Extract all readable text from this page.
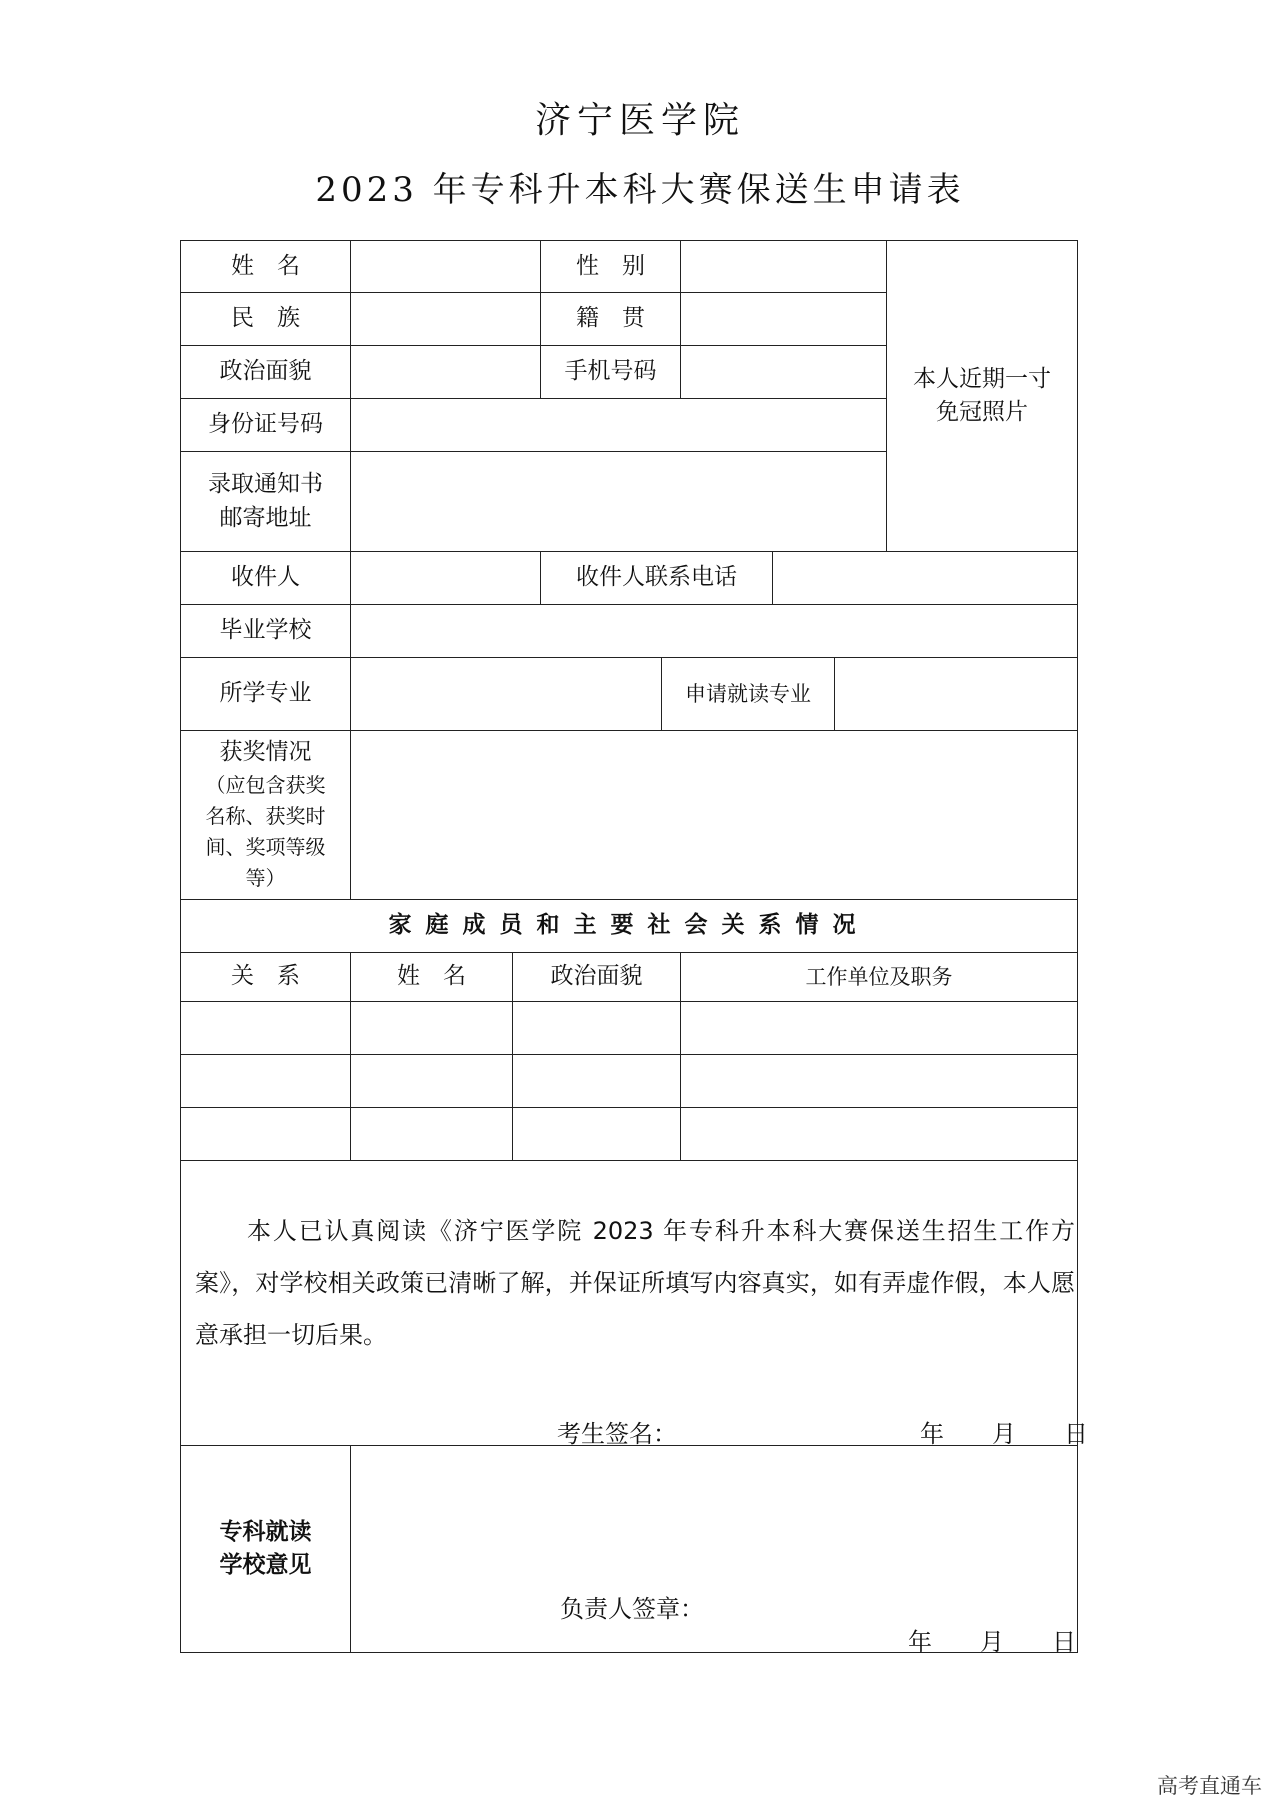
济宁医学院
2023 年专科升本科大赛保送生申请表
姓　名	性　别
本人近期一寸
免冠照片
民　族	籍　贯
政治面貌	手机号码
身份证号码
录取通知书
邮寄地址
收件人	收件人联系电话
毕业学校
所学专业	申请就读专业
获奖情况
（应包含获奖
名称、获奖时
间、奖项等级
等）
家庭成员和主要社会关系情况
关　系	姓　名	政治面貌	工作单位及职务
本人已认真阅读《济宁医学院 2023 年专科升本科大赛保送生招生工作方案》，对学校相关政策已清晰了解，并保证所填写内容真实，如有弄虚作假，本人愿意承担一切后果。
考生签名：	年　　月　　日
专科就读
学校意见
负责人签章：
年　　月　　日
高考直通车
